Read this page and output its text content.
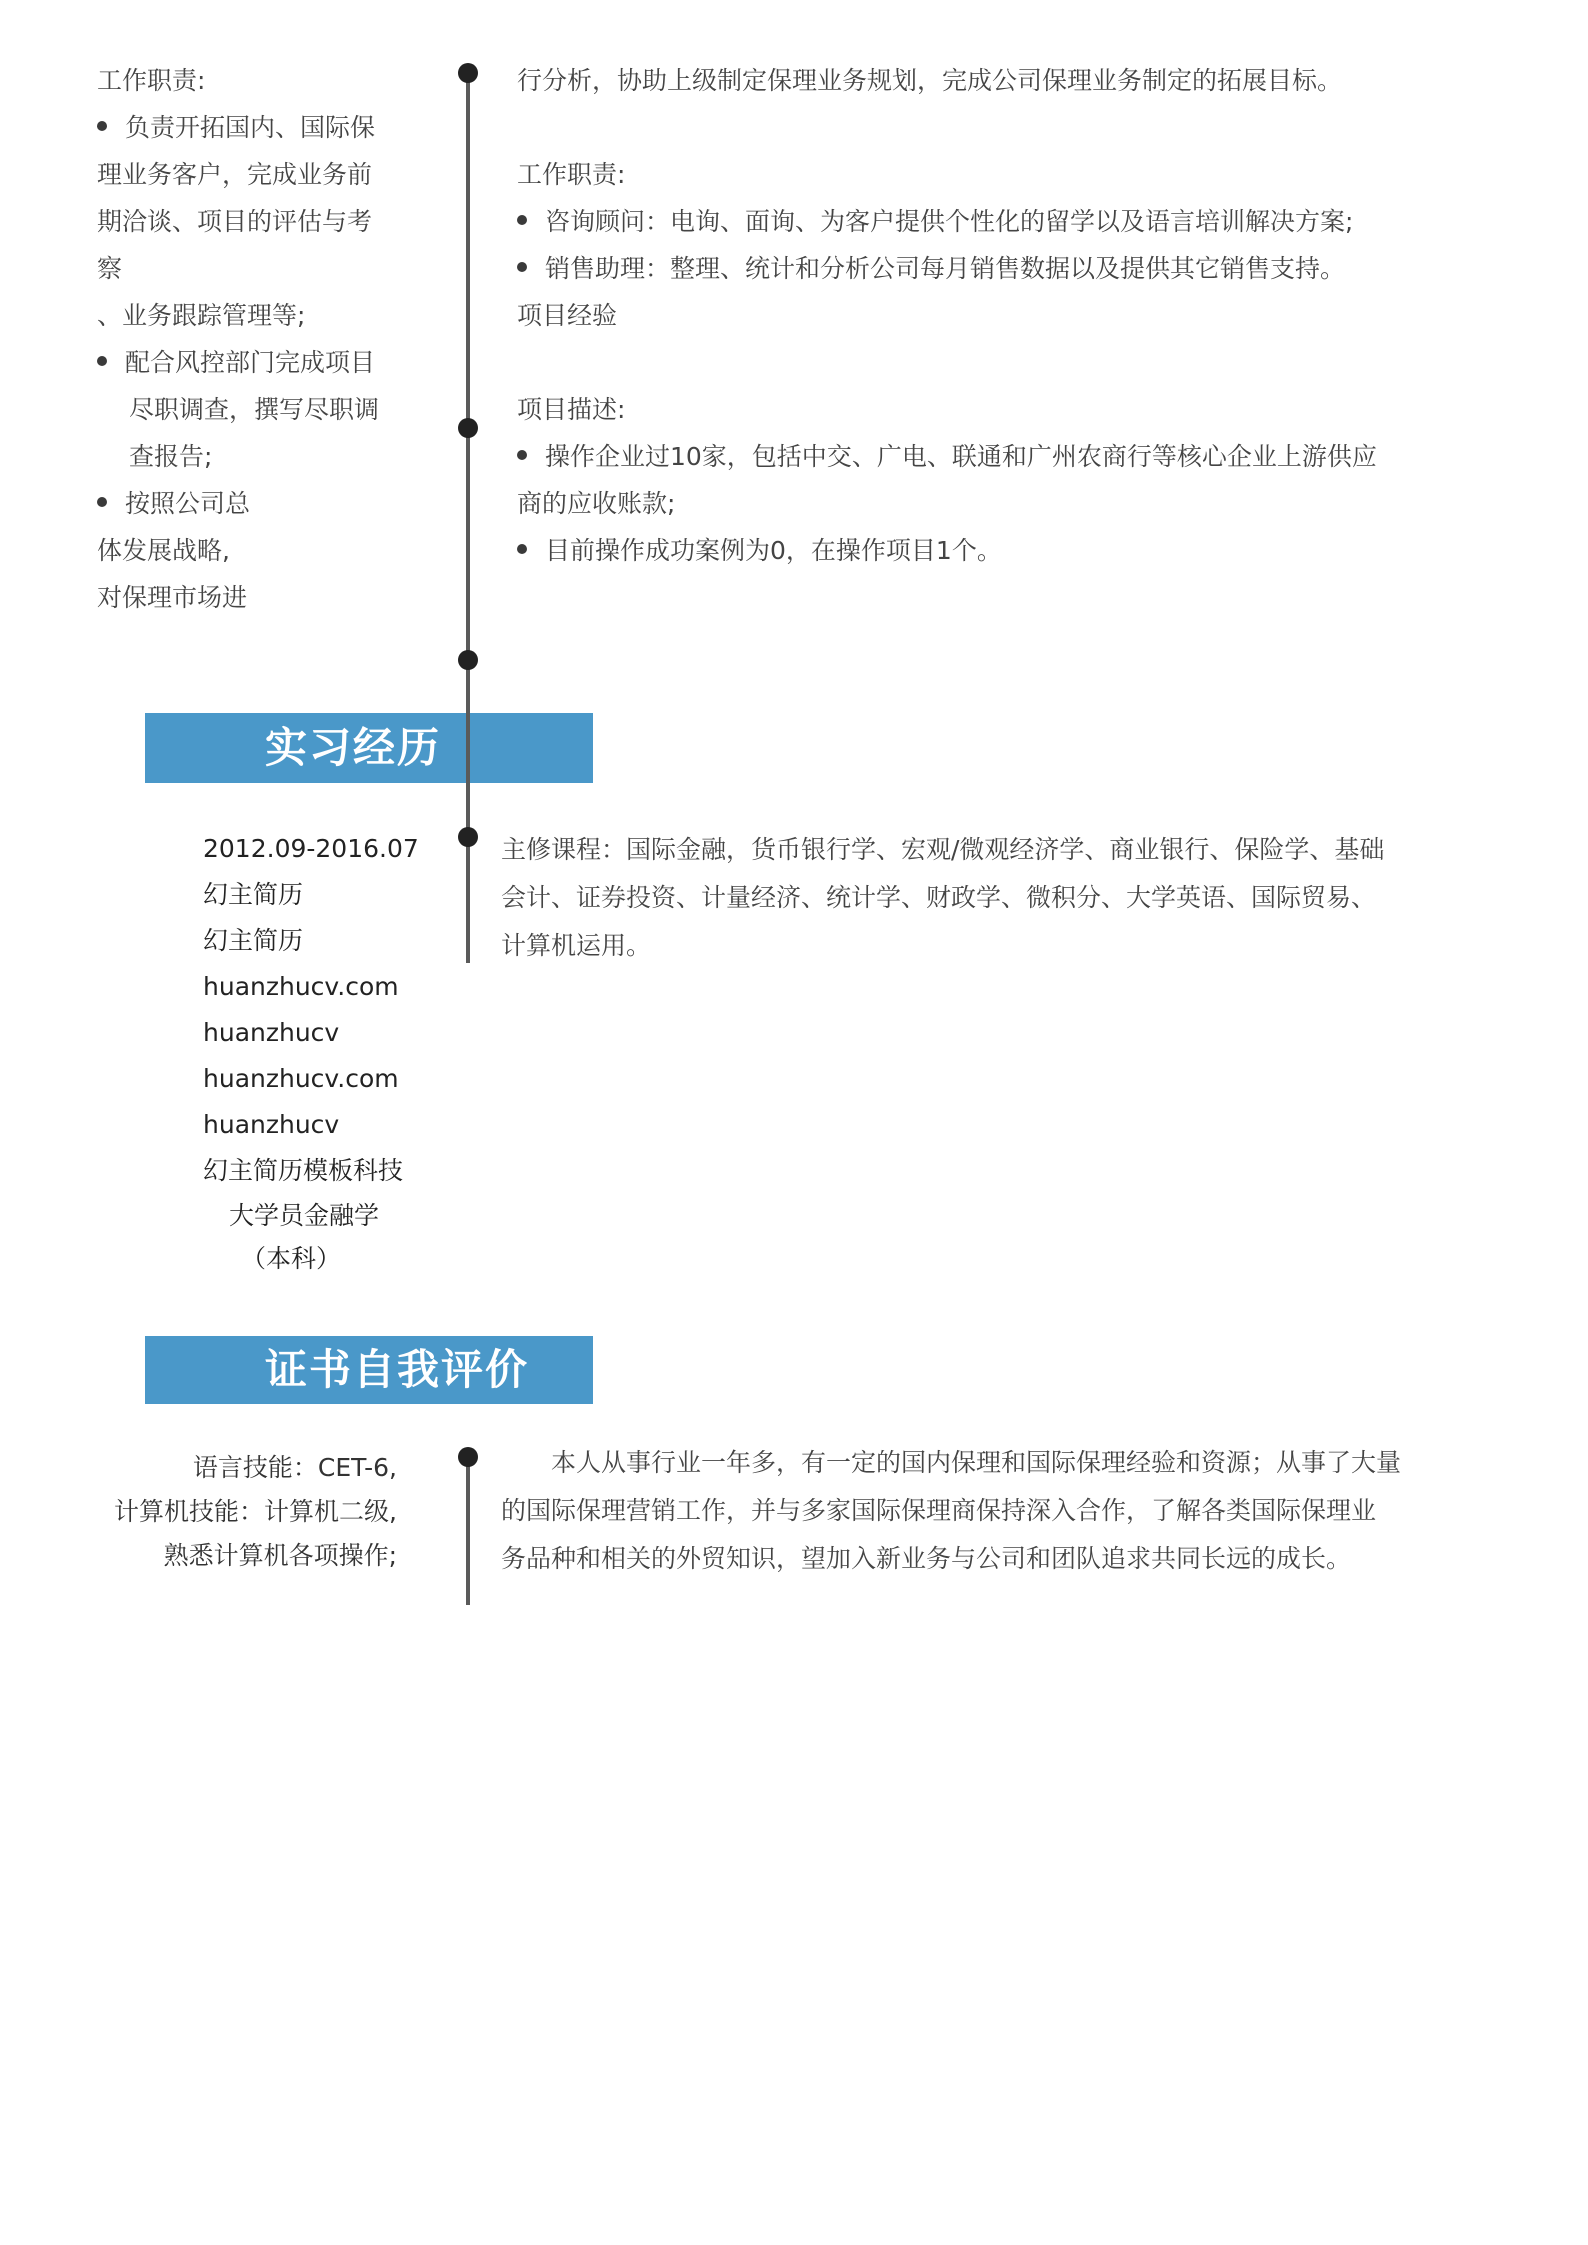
工作职责:
负责开拓国内、国际保
理业务客户，完成业务前
期洽谈、项目的评估与考
察
、业务跟踪管理等;
配合风控部门完成项目
尽职调查，撰写尽职调
查报告;
按照公司总
体发展战略,
对保理市场进
行分析，协助上级制定保理业务规划，完成公司保理业务制定的拓展目标。
工作职责:
咨询顾问：电询、面询、为客户提供个性化的留学以及语言培训解决方案;
销售助理：整理、统计和分析公司每月销售数据以及提供其它销售支持。
项目经验
项目描述:
操作企业过10家，包括中交、广电、联通和广州农商行等核心企业上游供应
商的应收账款;
目前操作成功案例为0，在操作项目1个。
实习经历
2012.09-2016.07
幻主简历
幻主简历
huanzhucv.com
huanzhucv
huanzhucv.com
huanzhucv
幻主简历模板科技
大学员金融学
（本科）
主修课程：国际金融，货币银行学、宏观/微观经济学、商业银行、保险学、基础
会计、证券投资、计量经济、统计学、财政学、微积分、大学英语、国际贸易、
计算机运用。
证书自我评价
语言技能：CET-6,
计算机技能：计算机二级,
熟悉计算机各项操作;
　　本人从事行业一年多，有一定的国内保理和国际保理经验和资源；从事了大量
的国际保理营销工作，并与多家国际保理商保持深入合作，了解各类国际保理业
务品种和相关的外贸知识，望加入新业务与公司和团队追求共同长远的成长。
